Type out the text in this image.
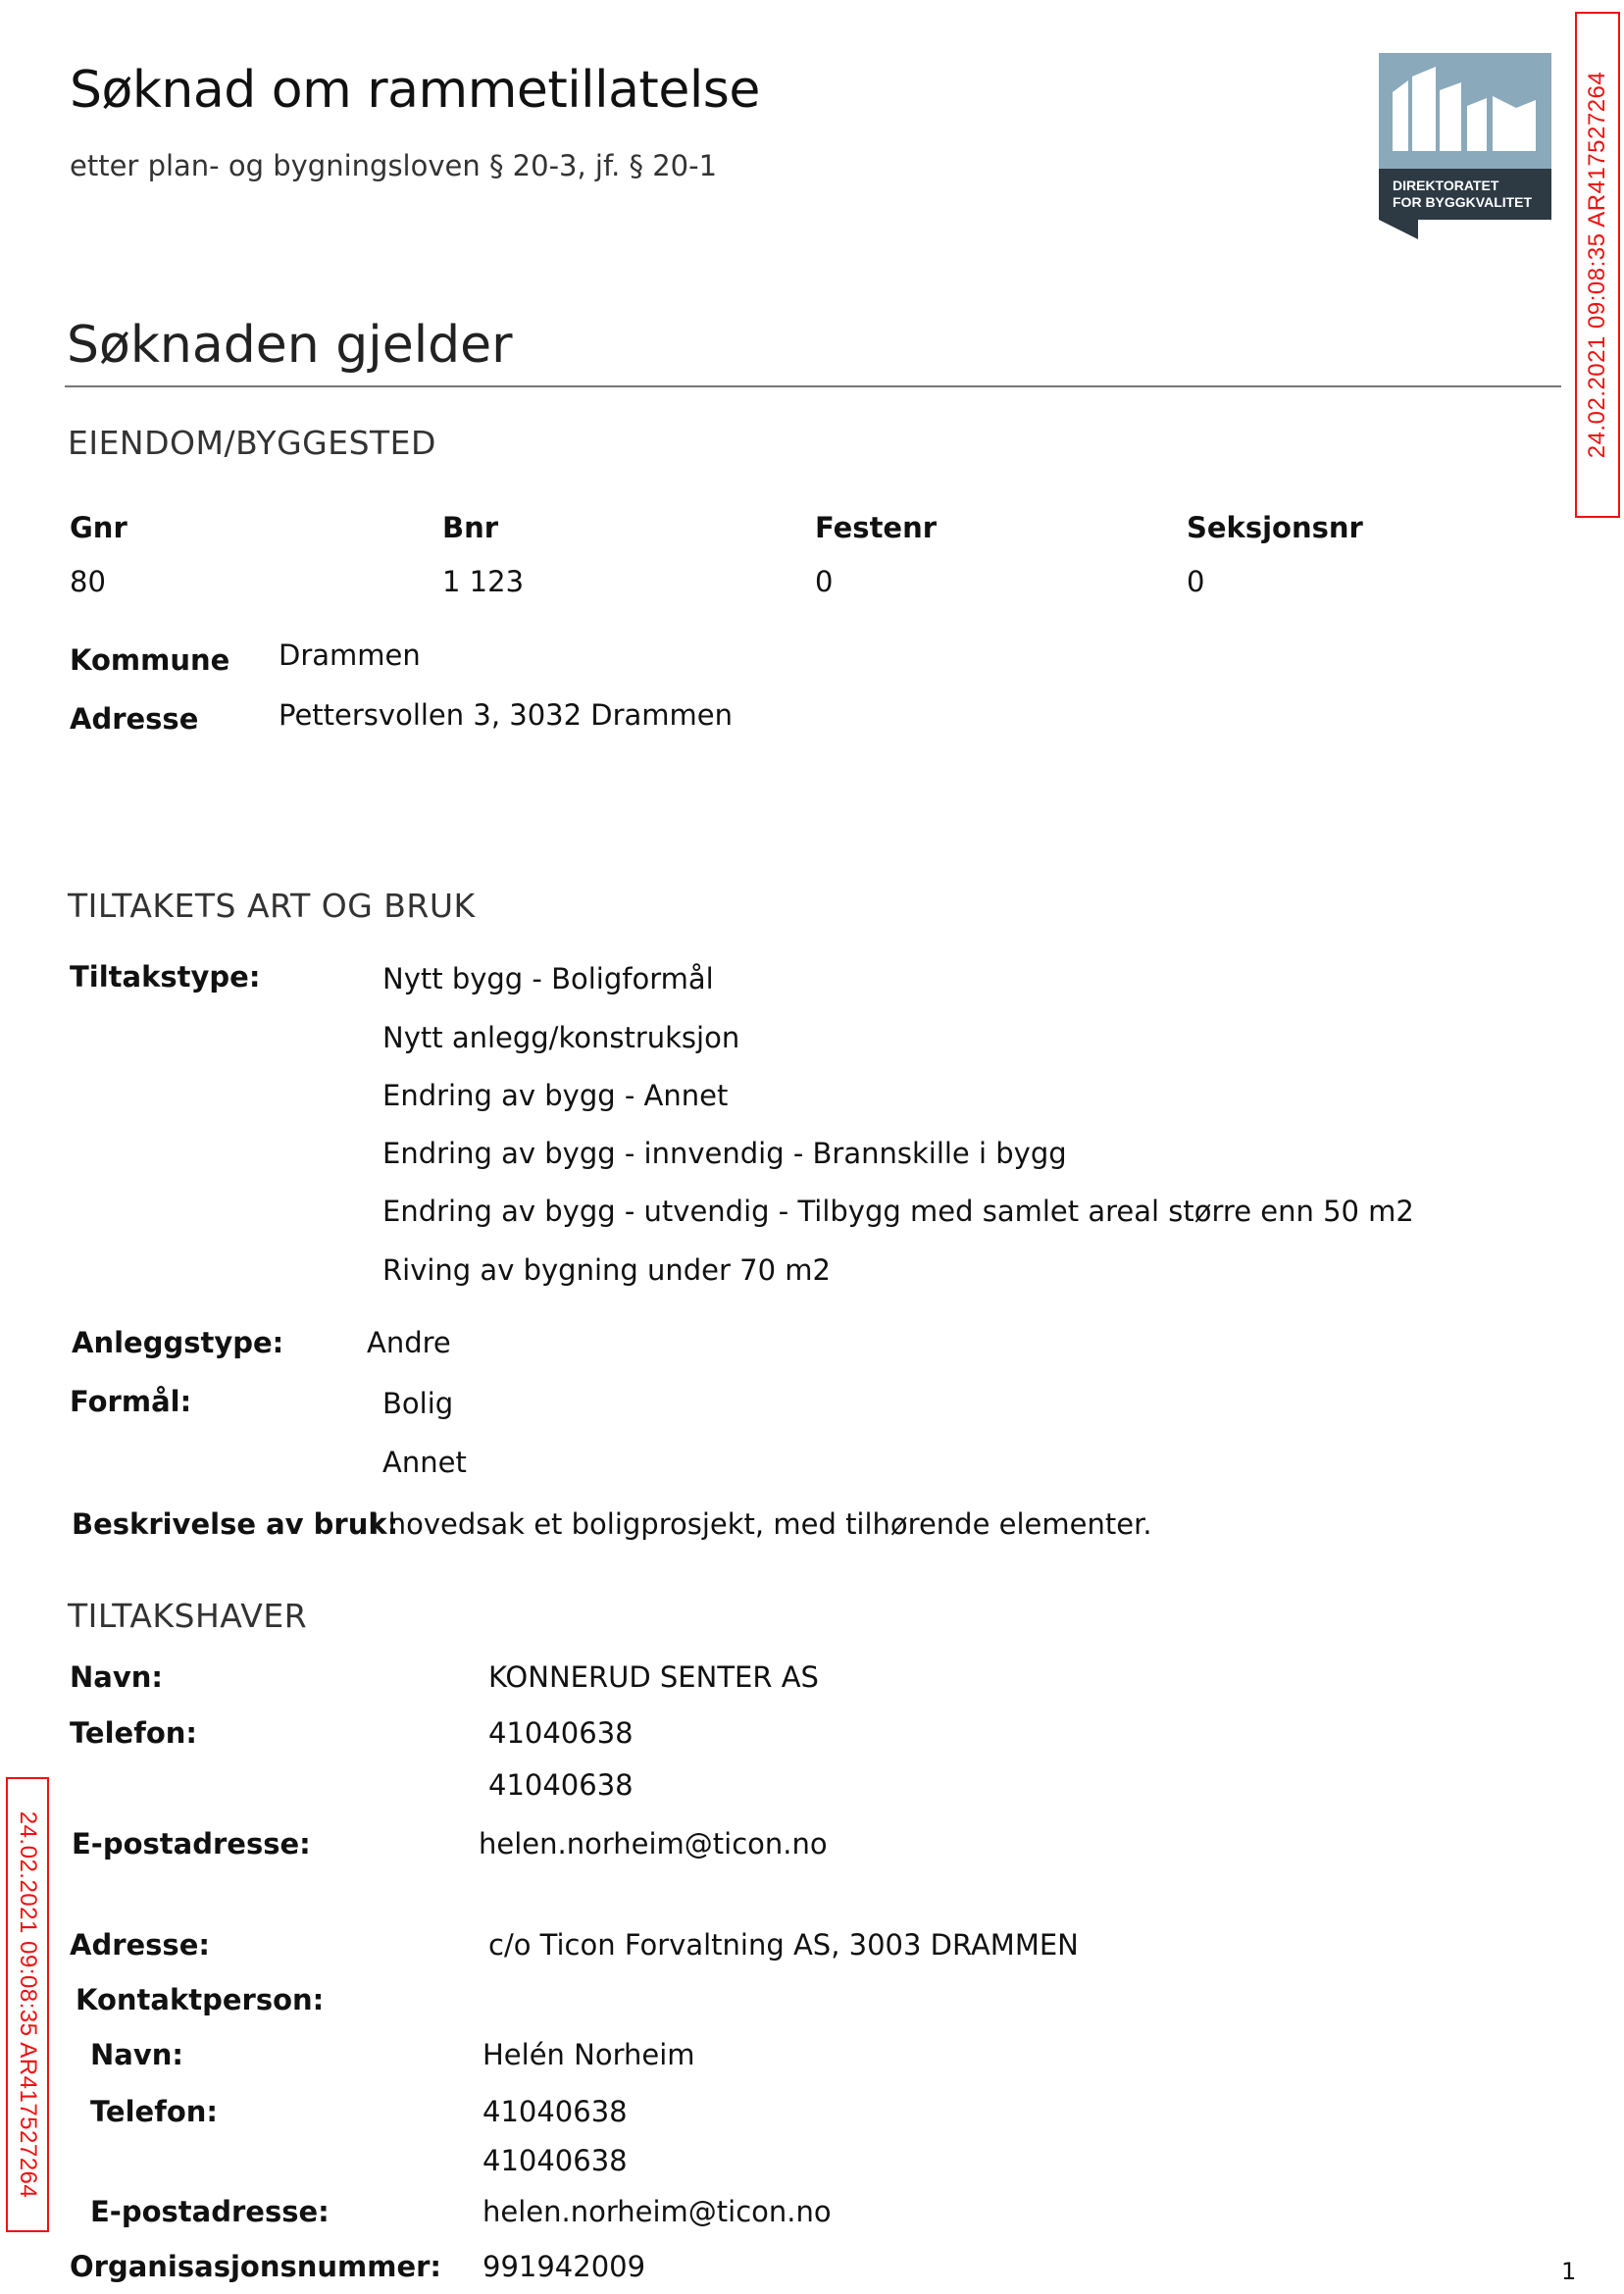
Søknad om rammetillatelse
etter plan- og bygningsloven § 20-3, jf. § 20-1
DIREKTORATET
FOR BYGGKVALITET 24.02.2021 09:08:35 AR417527264
24.02.2021 09:08:35 AR417527264
Søknaden gjelder
EIENDOM/BYGGESTED
Gnr	Bnr	Festenr	Seksjonsnr
80	1 123	0	0
Kommune Drammen
Adresse	Pettersvollen 3, 3032 Drammen
TILTAKETS ART OG BRUK
Tiltakstype:	Nytt bygg - Boligformål
Nytt anlegg/konstruksjon
Endring av bygg - Annet
Endring av bygg - innvendig - Brannskille i bygg
Endring av bygg - utvendig - Tilbygg med samlet areal større enn 50 m2
Riving av bygning under 70 m2
Anleggstype:	Andre
Formål:	Bolig
Annet
Beskrivelse av bruk:
I hovedsak et boligprosjekt, med tilhørende elementer.
TILTAKSHAVER
Navn:	KONNERUD SENTER AS
Telefon:	41040638
41040638
E-postadresse:	helen.norheim@ticon.no
Adresse:	c/o Ticon Forvaltning AS, 3003 DRAMMEN
Kontaktperson:
Navn:	Helén Norheim
Telefon:	41040638
41040638
E-postadresse:	helen.norheim@ticon.no
Organisasjonsnummer: 991942009	1
